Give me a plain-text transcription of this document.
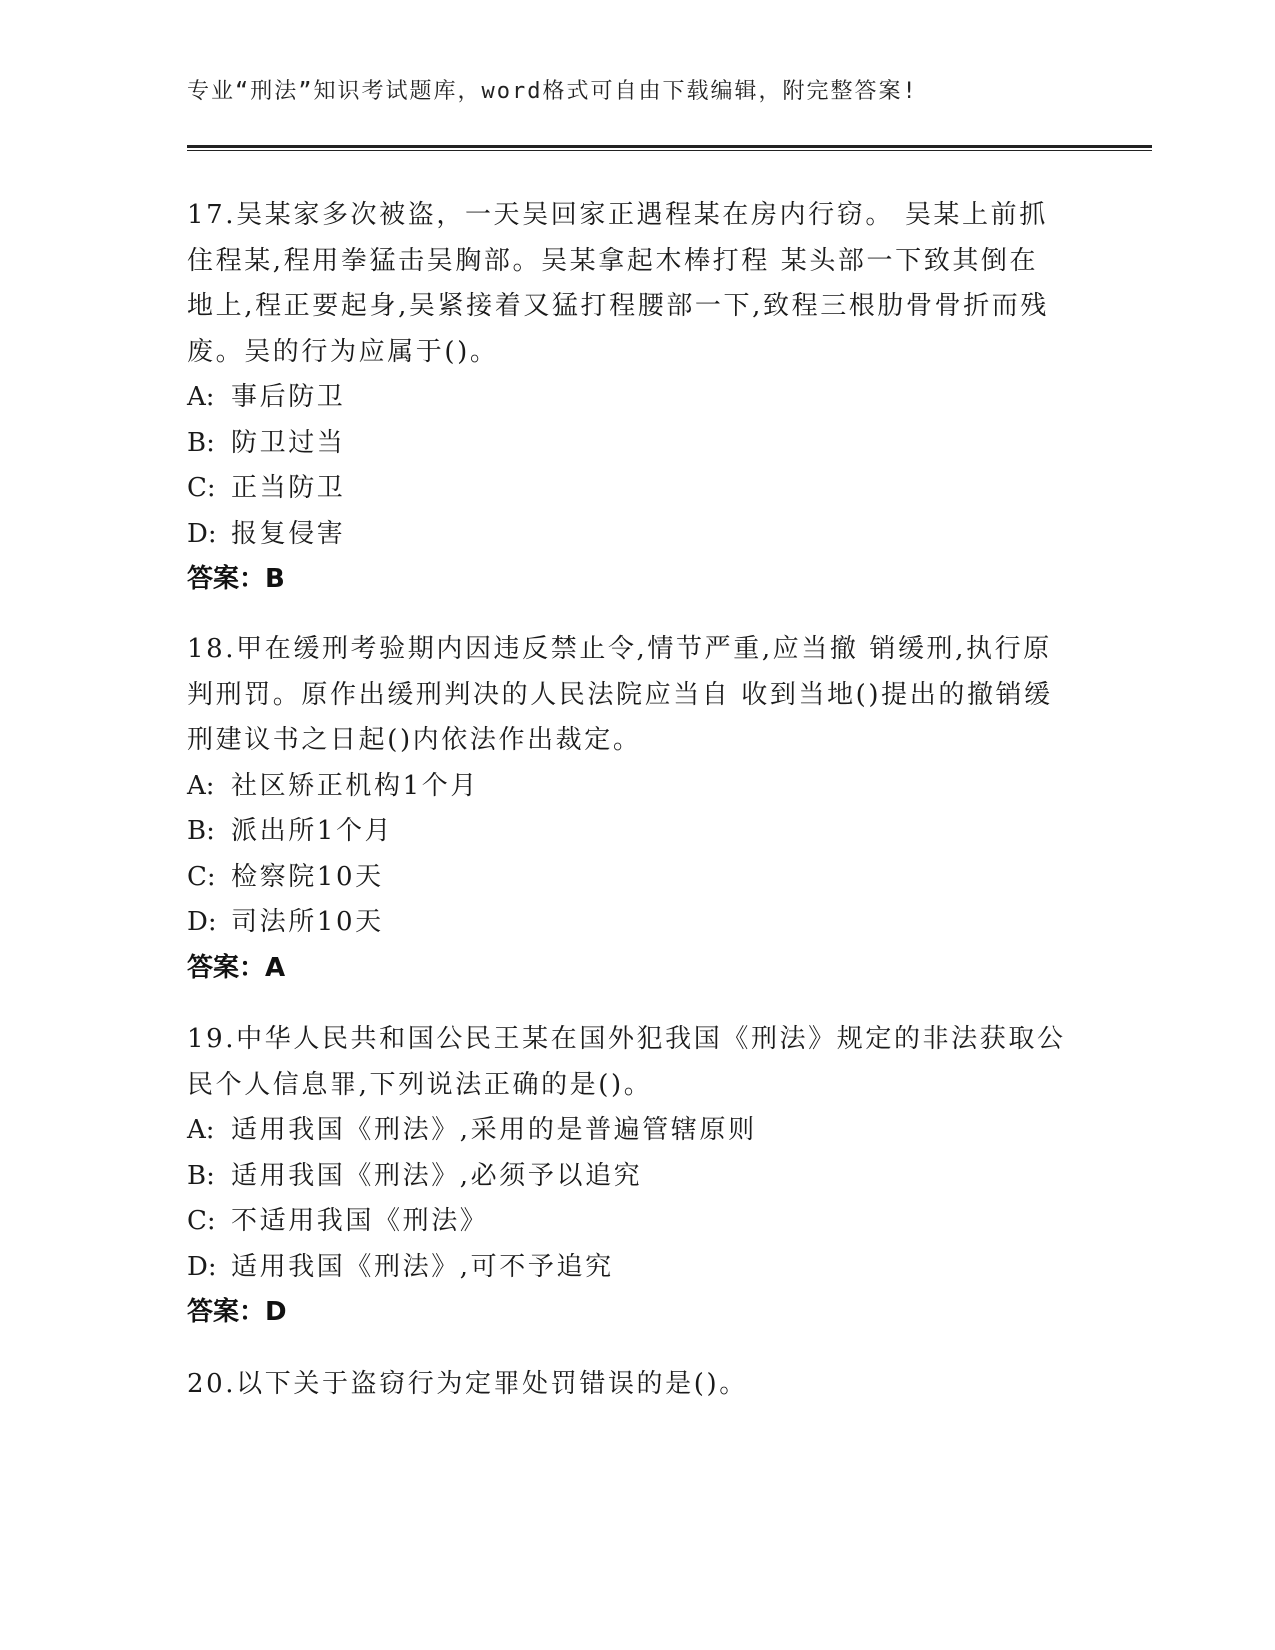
专业“刑法”知识考试题库，word格式可自由下载编辑，附完整答案!

17.吴某家多次被盗，一天吴回家正遇程某在房内行窃。 吴某上前抓
住程某,程用拳猛击吴胸部。吴某拿起木棒打程 某头部一下致其倒在
地上,程正要起身,吴紧接着又猛打程腰部一下,致程三根肋骨骨折而残
废。吴的行为应属于()。

A: 事后防卫
B: 防卫过当
C: 正当防卫
D: 报复侵害
答案：B

18.甲在缓刑考验期内因违反禁止令,情节严重,应当撤 销缓刑,执行原
判刑罚。原作出缓刑判决的人民法院应当自 收到当地()提出的撤销缓
刑建议书之日起()内依法作出裁定。

A: 社区矫正机构1个月
B: 派出所1个月
C: 检察院10天
D: 司法所10天
答案：A

19.中华人民共和国公民王某在国外犯我国《刑法》规定的非法获取公
民个人信息罪,下列说法正确的是()。

A: 适用我国《刑法》,采用的是普遍管辖原则
B: 适用我国《刑法》,必须予以追究
C: 不适用我国《刑法》
D: 适用我国《刑法》,可不予追究
答案：D

20.以下关于盗窃行为定罪处罚错误的是()。
